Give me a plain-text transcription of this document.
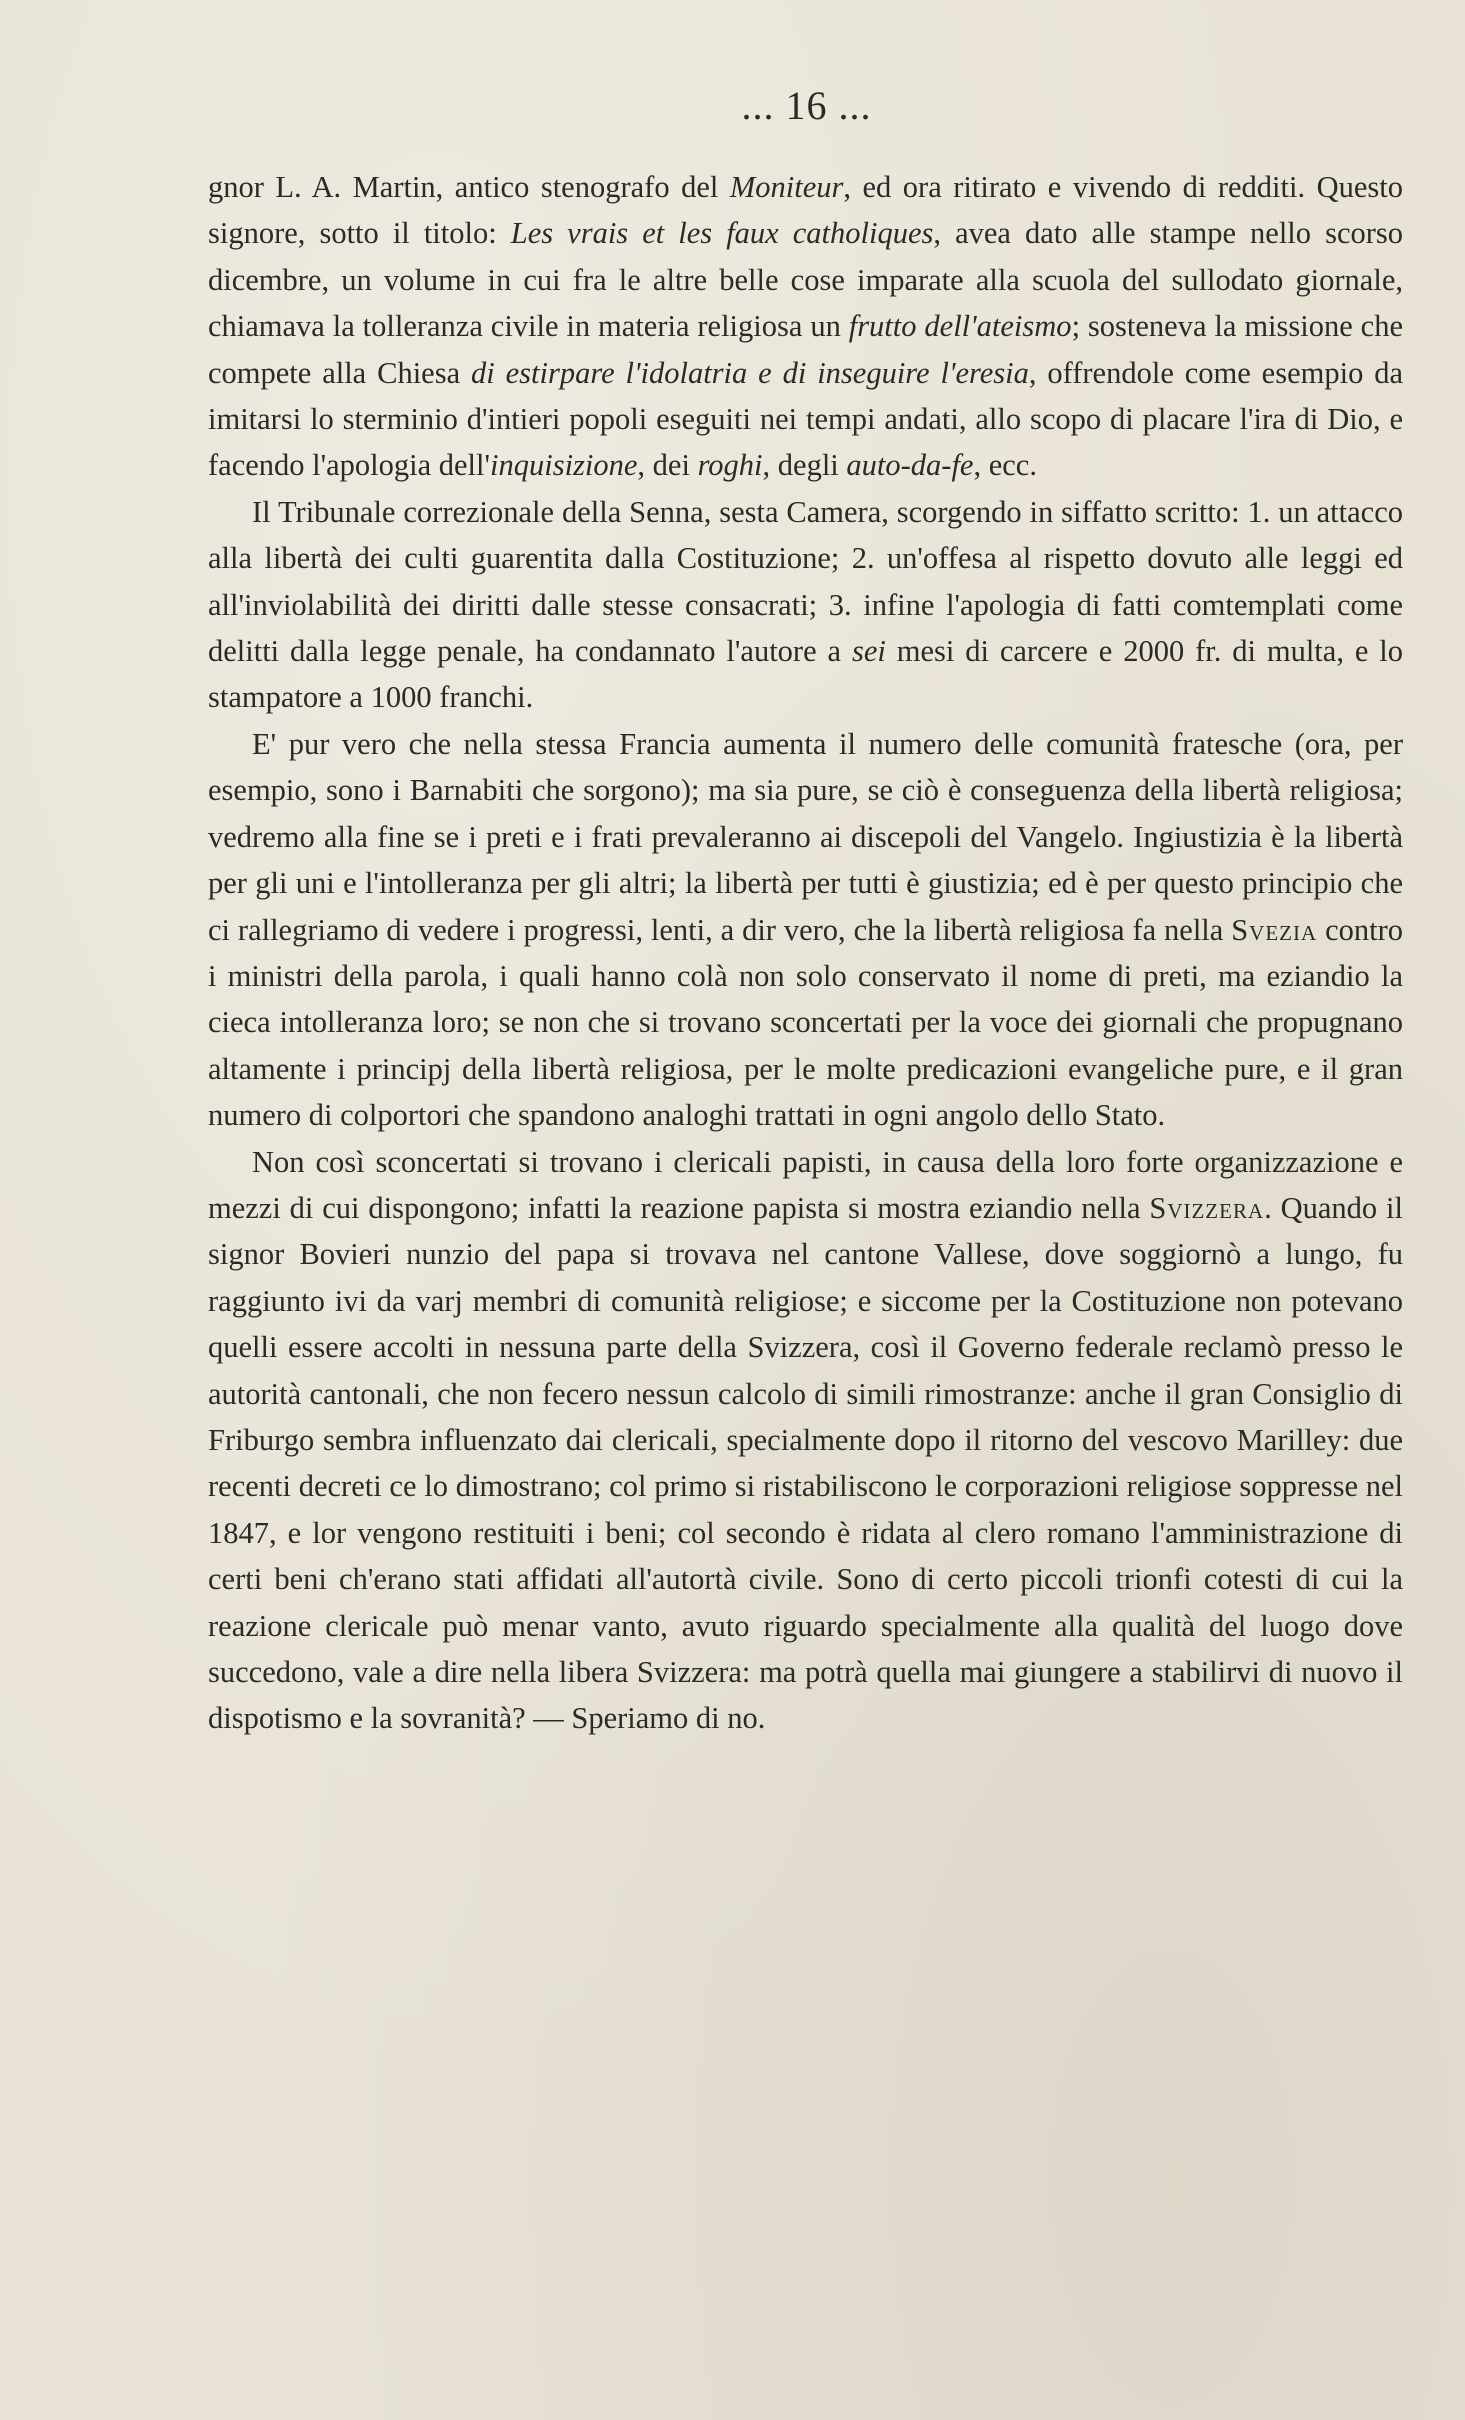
... 16 ...

gnor L. A. Martin, antico stenografo del Moniteur, ed ora ritirato e vivendo di redditi. Questo signore, sotto il titolo: Les vrais et les faux catholiques, avea dato alle stampe nello scorso dicembre, un volume in cui fra le altre belle cose imparate alla scuola del sullodato giornale, chiamava la tolleranza civile in materia religiosa un frutto dell'ateismo; sosteneva la missione che compete alla Chiesa di estirpare l'idolatria e di inseguire l'eresia, offrendole come esempio da imitarsi lo sterminio d'intieri popoli eseguiti nei tempi andati, allo scopo di placare l'ira di Dio, e facendo l'apologia dell'inquisizione, dei roghi, degli auto-da-fe, ecc.

Il Tribunale correzionale della Senna, sesta Camera, scorgendo in siffatto scritto: 1. un attacco alla libertà dei culti guarentita dalla Costituzione; 2. un'offesa al rispetto dovuto alle leggi ed all'inviolabilità dei diritti dalle stesse consacrati; 3. infine l'apologia di fatti comtemplati come delitti dalla legge penale, ha condannato l'autore a sei mesi di carcere e 2000 fr. di multa, e lo stampatore a 1000 franchi.

E' pur vero che nella stessa Francia aumenta il numero delle comunità fratesche (ora, per esempio, sono i Barnabiti che sorgono); ma sia pure, se ciò è conseguenza della libertà religiosa; vedremo alla fine se i preti e i frati prevaleranno ai discepoli del Vangelo. Ingiustizia è la libertà per gli uni e l'intolleranza per gli altri; la libertà per tutti è giustizia; ed è per questo principio che ci rallegriamo di vedere i progressi, lenti, a dir vero, che la libertà religiosa fa nella Svezia contro i ministri della parola, i quali hanno colà non solo conservato il nome di preti, ma eziandio la cieca intolleranza loro; se non che si trovano sconcertati per la voce dei giornali che propugnano altamente i principj della libertà religiosa, per le molte predicazioni evangeliche pure, e il gran numero di colportori che spandono analoghi trattati in ogni angolo dello Stato.

Non così sconcertati si trovano i clericali papisti, in causa della loro forte organizzazione e mezzi di cui dispongono; infatti la reazione papista si mostra eziandio nella Svizzera. Quando il signor Bovieri nunzio del papa si trovava nel cantone Vallese, dove soggiornò a lungo, fu raggiunto ivi da varj membri di comunità religiose; e siccome per la Costituzione non potevano quelli essere accolti in nessuna parte della Svizzera, così il Governo federale reclamò presso le autorità cantonali, che non fecero nessun calcolo di simili rimostranze: anche il gran Consiglio di Friburgo sembra influenzato dai clericali, specialmente dopo il ritorno del vescovo Marilley: due recenti decreti ce lo dimostrano; col primo si ristabiliscono le corporazioni religiose soppresse nel 1847, e lor vengono restituiti i beni; col secondo è ridata al clero romano l'amministrazione di certi beni ch'erano stati affidati all'autortà civile. Sono di certo piccoli trionfi cotesti di cui la reazione clericale può menar vanto, avuto riguardo specialmente alla qualità del luogo dove succedono, vale a dire nella libera Svizzera: ma potrà quella mai giungere a stabilirvi di nuovo il dispotismo e la sovranità? — Speriamo di no.
